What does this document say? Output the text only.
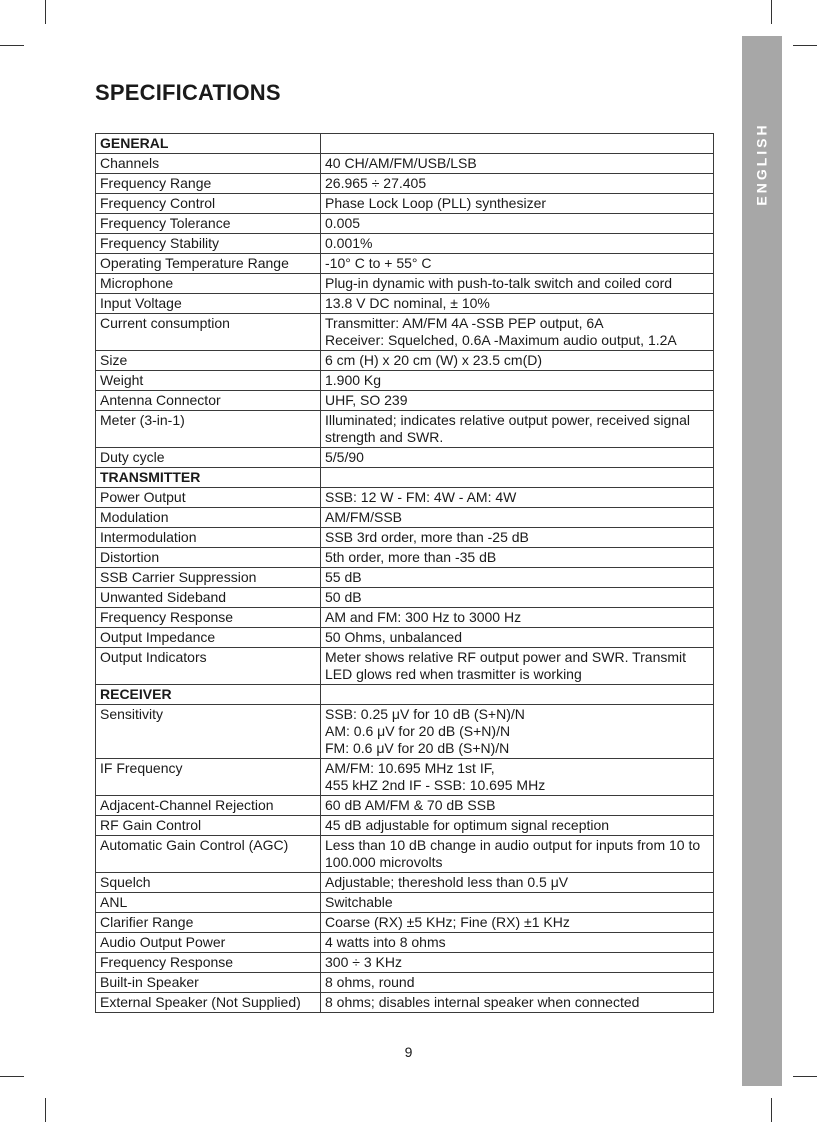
ENGLISH
SPECIFICATIONS
GENERAL	
Channels	40 CH/AM/FM/USB/LSB
Frequency Range	26.965 ÷ 27.405
Frequency Control	Phase Lock Loop (PLL) synthesizer
Frequency Tolerance	0.005
Frequency Stability	0.001%
Operating Temperature Range	-10° C to + 55° C
Microphone	Plug-in dynamic with push-to-talk switch and coiled cord
Input Voltage	13.8 V DC nominal, ± 10%
Current consumption	Transmitter: AM/FM 4A -SSB PEP output, 6A
Receiver: Squelched, 0.6A -Maximum audio output, 1.2A
Size	6 cm (H) x 20 cm (W) x 23.5 cm(D)
Weight	1.900 Kg
Antenna Connector	UHF, SO 239
Meter (3-in-1)	Illuminated; indicates relative output power, received signal strength and SWR.
Duty cycle	5/5/90
TRANSMITTER	
Power Output	SSB: 12 W - FM: 4W - AM: 4W
Modulation	AM/FM/SSB
Intermodulation	SSB 3rd order, more than -25 dB
Distortion	5th order, more than -35 dB
SSB Carrier Suppression	55 dB
Unwanted Sideband	50 dB
Frequency Response	AM and FM: 300 Hz to 3000 Hz
Output Impedance	50 Ohms, unbalanced
Output Indicators	Meter shows relative RF output power and SWR. Transmit LED glows red when trasmitter is working
RECEIVER	
Sensitivity	SSB: 0.25 μV for 10 dB (S+N)/N
AM: 0.6 μV for 20 dB (S+N)/N
FM: 0.6 μV for 20 dB (S+N)/N
IF Frequency	AM/FM: 10.695 MHz 1st IF,
455 kHZ 2nd IF - SSB: 10.695 MHz
Adjacent-Channel Rejection	60 dB AM/FM & 70 dB SSB
RF Gain Control	45 dB adjustable for optimum signal reception
Automatic Gain Control (AGC)	Less than 10 dB change in audio output for inputs from 10 to 100.000 microvolts
Squelch	Adjustable; thereshold less than 0.5 μV
ANL	Switchable
Clarifier Range	Coarse (RX) ±5 KHz; Fine (RX) ±1 KHz
Audio Output Power	4 watts into 8 ohms
Frequency Response	300 ÷ 3 KHz
Built-in Speaker	8 ohms, round
External Speaker (Not Supplied)	8 ohms; disables internal speaker when connected
9
